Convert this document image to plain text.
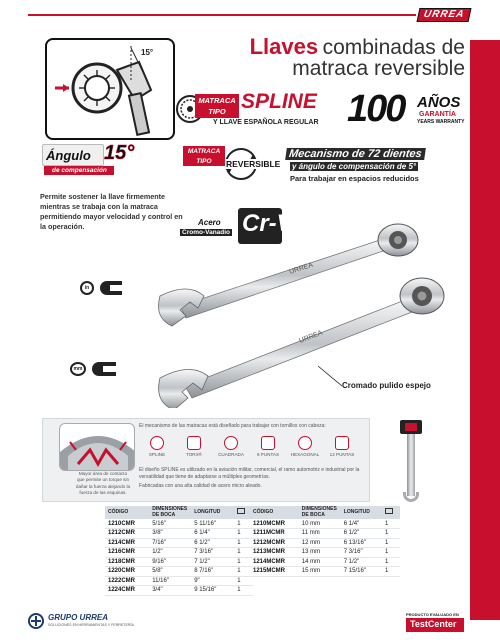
URREA
15°	Llaves combinadas de
matraca reversible
MATRACA
TIPO SPLINE
Y LLAVE ESPAÑOLA REGULAR 100 AÑOS
GARANTÍA
YEARS WARRANTY
Ángulo 15°
de compensación
MATRACA
TIPO	REVERSIBLE
Mecanismo de 72 dientes
y ángulo de compensación de 5°
Para trabajar en espacios reducidos

Permite sostener la llave firmemente mientras se trabaja con la matraca permitiendo mayor velocidad y control en la operación.	Acero
Cromo-Vanadio Cr-V
in
mm
URREA
URREA
Cromado pulido espejo

Mayor área de contacto que permite un torque sin dañar la fuerza alejando la fuerza de las esquinas.

El mecanismo de las matracas está diseñado para trabajar con tornillos con cabeza:

SPLINE	TORX®	CUADRADA	6 PUNTAS	HEXAGONAL	12 PUNTAS

El diseño SPLINE es utilizado en la aviación militar, comercial, el ramo automotriz e industrial por la versatilidad que tiene de adaptarse a múltiples geometrías.

Fabricadas con una alta calidad de acero micro aleado.

CÓDIGO	DIMENSIONES DE BOCA	LONGITUD	
1210CMR	5/16"	5 11/16"	1
1212CMR	3/8"	6 1/4"	1
1214CMR	7/16"	6 1/2"	1
1216CMR	1/2"	7 3/16"	1
1218CMR	9/16"	7 1/2"	1
1220CMR	5/8"	8 7/16"	1
1222CMR	11/16"	9"	1
1224CMR	3/4"	9 15/16"	1
CÓDIGO	DIMENSIONES DE BOCA	LONGITUD	
1210MCMR	10 mm	6 1/4"	1
1211MCMR	11 mm	6 1/2"	1
1212MCMR	12 mm	6 13/16"	1
1213MCMR	13 mm	7 3/16"	1
1214MCMR	14 mm	7 1/2"	1
1215MCMR	15 mm	7 15/16"	1
GRUPO URREA
SOLUCIONES EN HERRAMIENTAS Y FERRETERÍA
PRODUCTO EVALUADO EN
TestCenter 3
